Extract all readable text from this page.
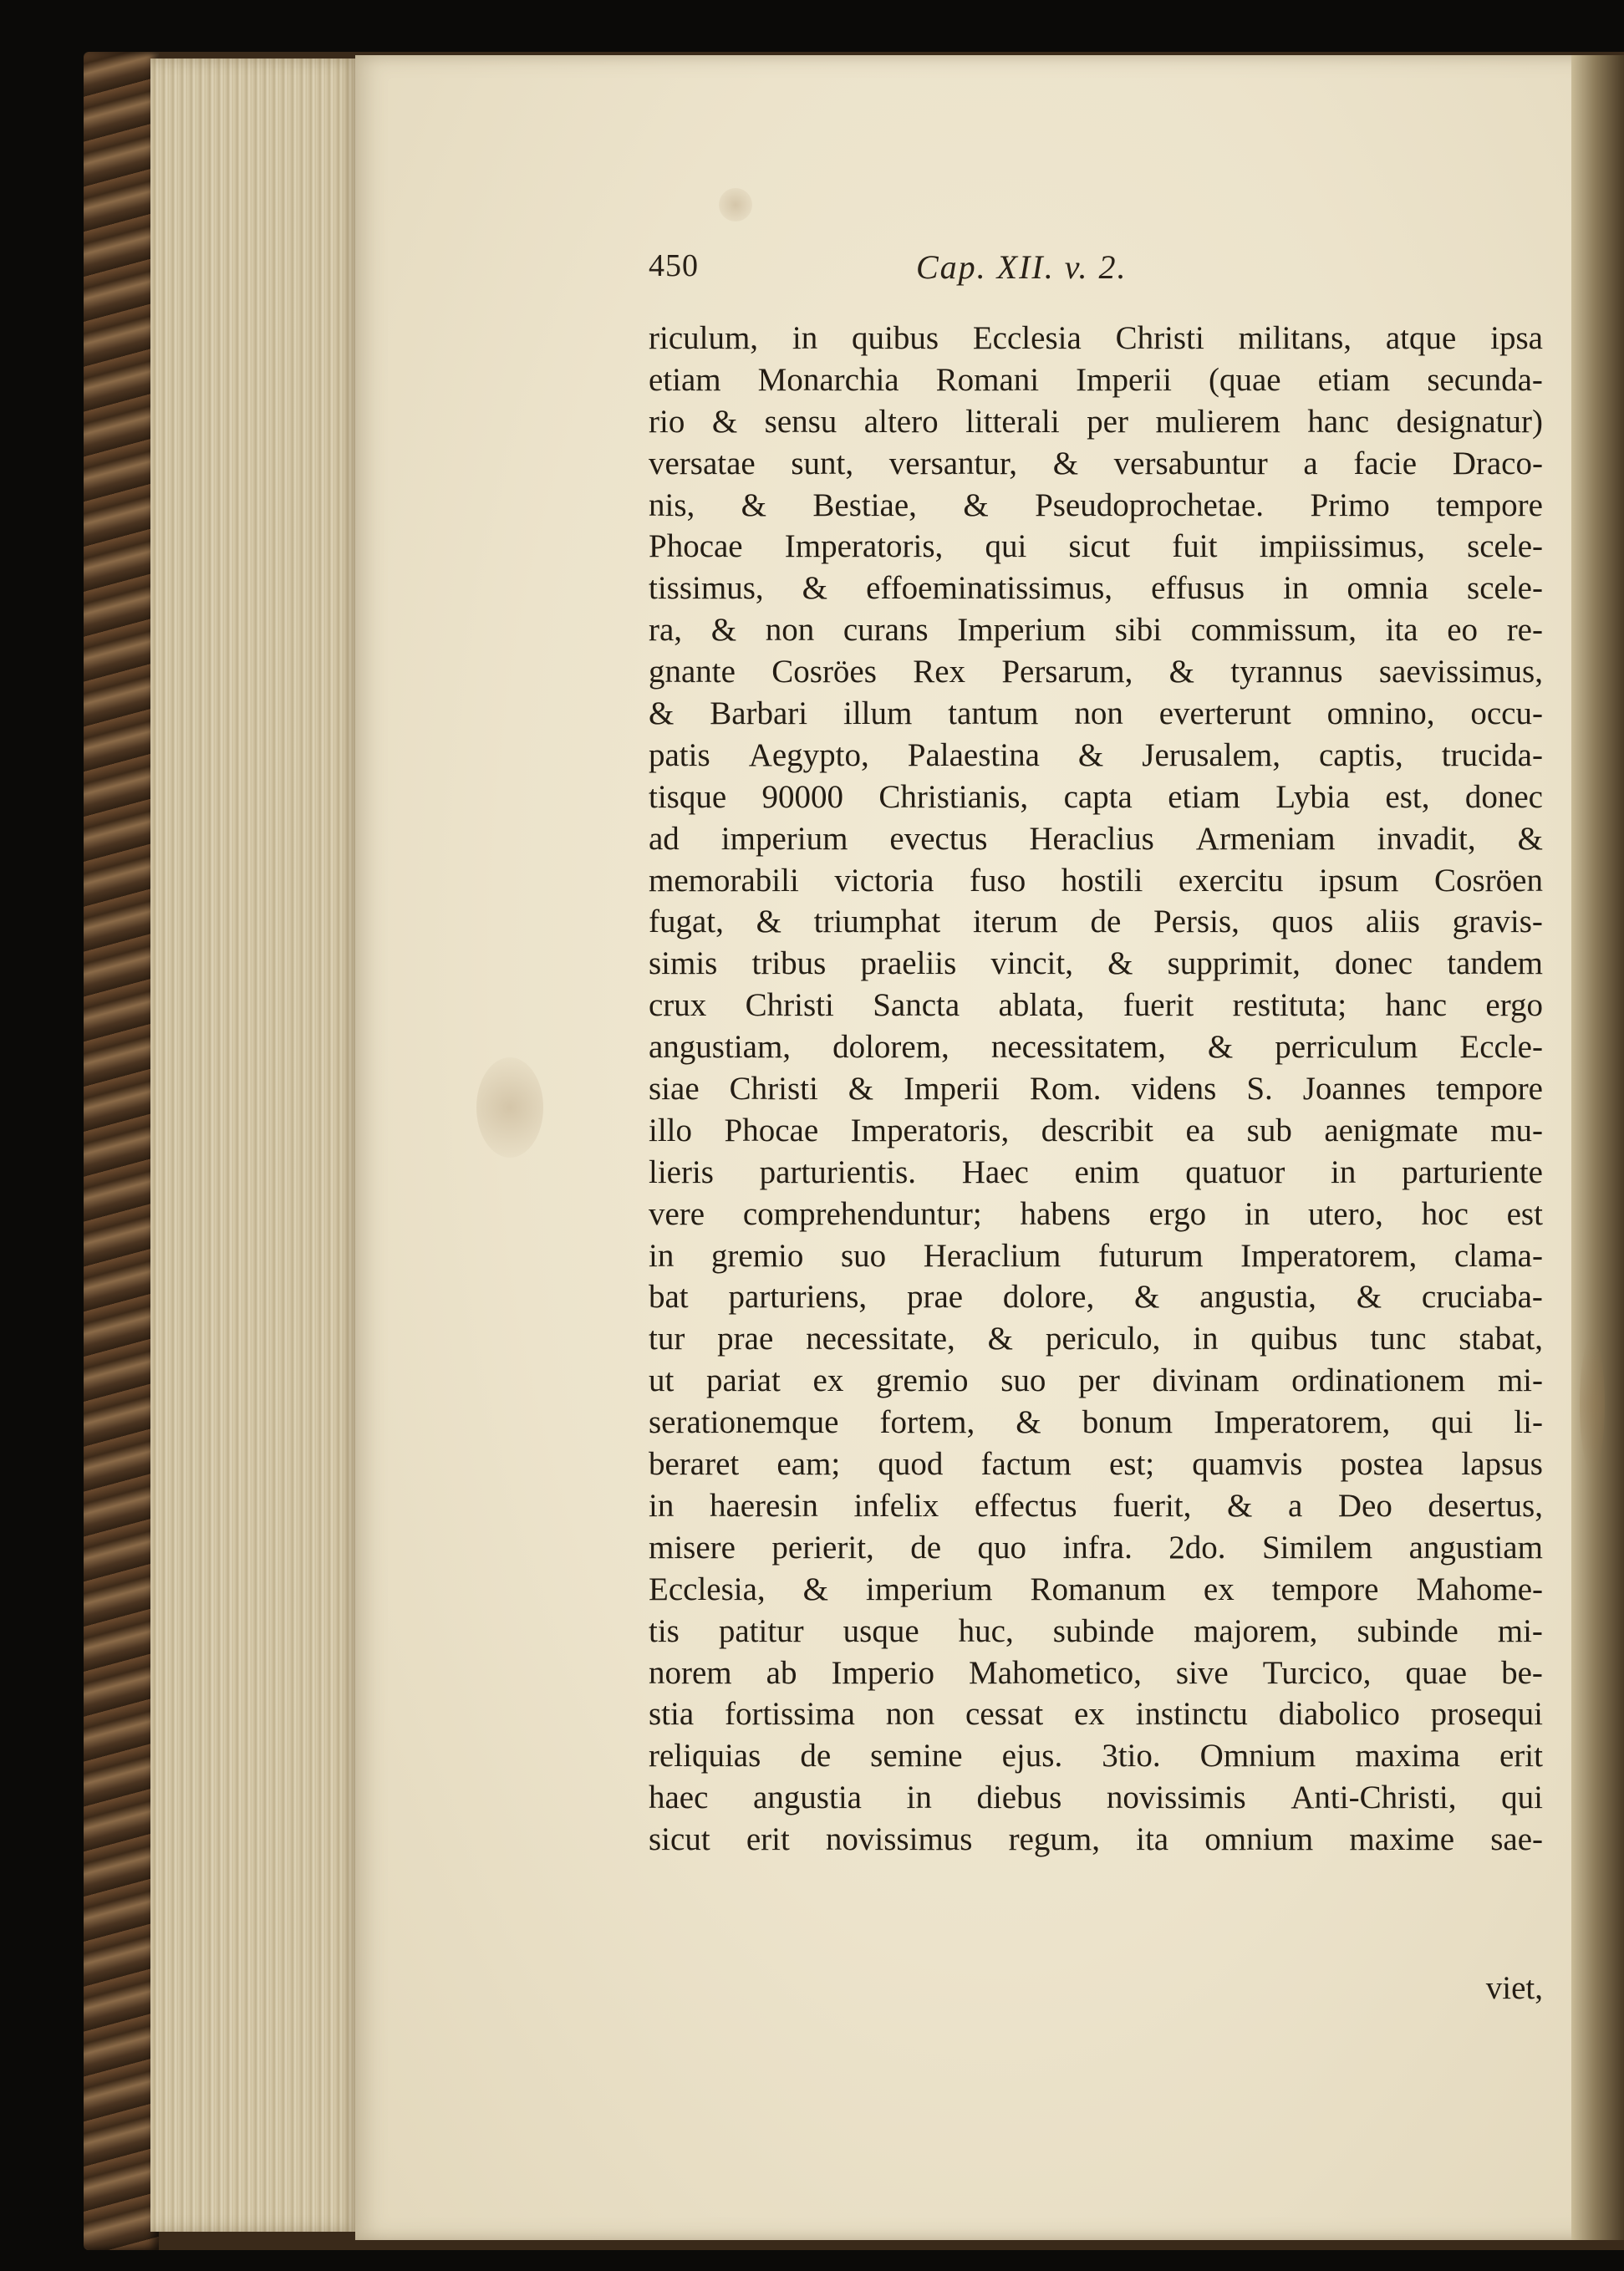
450	Cap. XII. v. 2.
riculum, in quibus Ecclesia Christi militans, atque ipsa
etiam Monarchia Romani Imperii (quae etiam secunda-
rio & sensu altero litterali per mulierem hanc designatur)
versatae sunt, versantur, & versabuntur a facie Draco-
nis, & Bestiae, & Pseudoprochetae. Primo tempore
Phocae Imperatoris, qui sicut fuit impiissimus, scele-
tissimus, & effoeminatissimus, effusus in omnia scele-
ra, & non curans Imperium sibi commissum, ita eo re-
gnante Cosröes Rex Persarum, & tyrannus saevissimus,
& Barbari illum tantum non everterunt omnino, occu-
patis Aegypto, Palaestina & Jerusalem, captis, trucida-
tisque 90000 Christianis, capta etiam Lybia est, donec
ad imperium evectus Heraclius Armeniam invadit, &
memorabili victoria fuso hostili exercitu ipsum Cosröen
fugat, & triumphat iterum de Persis, quos aliis gravis-
simis tribus praeliis vincit, & supprimit, donec tandem
crux Christi Sancta ablata, fuerit restituta; hanc ergo
angustiam, dolorem, necessitatem, & perriculum Eccle-
siae Christi & Imperii Rom. videns S. Joannes tempore
illo Phocae Imperatoris, describit ea sub aenigmate mu-
lieris parturientis. Haec enim quatuor in parturiente
vere comprehenduntur; habens ergo in utero, hoc est
in gremio suo Heraclium futurum Imperatorem, clama-
bat parturiens, prae dolore, & angustia, & cruciaba-
tur prae necessitate, & periculo, in quibus tunc stabat,
ut pariat ex gremio suo per divinam ordinationem mi-
serationemque fortem, & bonum Imperatorem, qui li-
beraret eam; quod factum est; quamvis postea lapsus
in haeresin infelix effectus fuerit, & a Deo desertus,
misere perierit, de quo infra. 2do. Similem angustiam
Ecclesia, & imperium Romanum ex tempore Mahome-
tis patitur usque huc, subinde majorem, subinde mi-
norem ab Imperio Mahometico, sive Turcico, quae be-
stia fortissima non cessat ex instinctu diabolico prosequi
reliquias de semine ejus. 3tio. Omnium maxima erit
haec angustia in diebus novissimis Anti-Christi, qui
sicut erit novissimus regum, ita omnium maxime sae-
viet,
